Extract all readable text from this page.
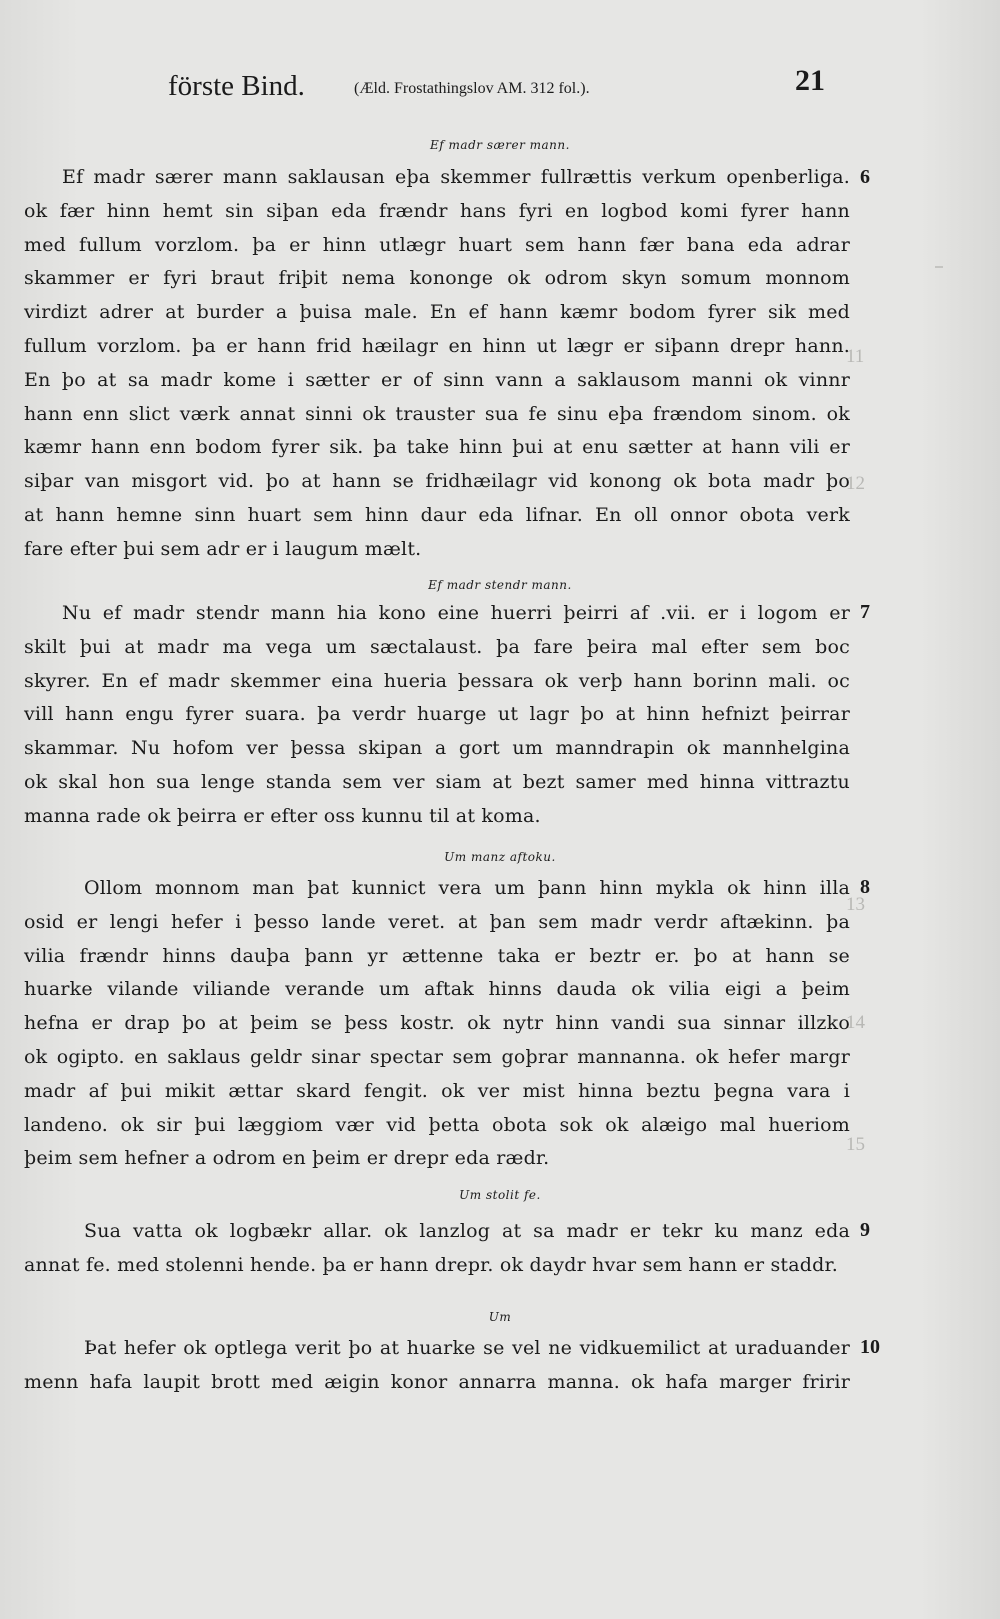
förste Bind.	(Æld. Frostathingslov AM. 312 fol.).	21
11
12
13
14
15
Ef madr særer mann.
6
Ef madr særer mann saklausan eþa skemmer fullrættis verkum openberliga.
ok fær hinn hemt sin siþan eda frændr hans fyri en logbod komi fyrer hann
med fullum vorzlom. þa er hinn utlægr huart sem hann fær bana eda adrar
skammer er fyri braut friþit nema kononge ok odrom skyn somum monnom
virdizt adrer at burder a þuisa male. En ef hann kæmr bodom fyrer sik med
fullum vorzlom. þa er hann frid hæilagr en hinn ut lægr er siþann drepr hann.
En þo at sa madr kome i sætter er of sinn vann a saklausom manni ok vinnr
hann enn slict værk annat sinni ok trauster sua fe sinu eþa frændom sinom. ok
kæmr hann enn bodom fyrer sik. þa take hinn þui at enu sætter at hann vili er
siþar van misgort vid. þo at hann se fridhæilagr vid konong ok bota madr þo
at hann hemne sinn huart sem hinn daur eda lifnar. En oll onnor obota verk
fare efter þui sem adr er i laugum mælt.
Ef madr stendr mann.
7
Nu ef madr stendr mann hia kono eine huerri þeirri af .vii. er i logom er
skilt þui at madr ma vega um sæctalaust. þa fare þeira mal efter sem boc
skyrer. En ef madr skemmer eina hueria þessara ok verþ hann borinn mali. oc
vill hann engu fyrer suara. þa verdr huarge ut lagr þo at hinn hefnizt þeirrar
skammar. Nu hofom ver þessa skipan a gort um manndrapin ok mannhelgina
ok skal hon sua lenge standa sem ver siam at bezt samer med hinna vittraztu
manna rade ok þeirra er efter oss kunnu til at koma.
Um manz aftoku.
8
Ollom monnom man þat kunnict vera um þann hinn mykla ok hinn illa
osid er lengi hefer i þesso lande veret. at þan sem madr verdr aftækinn. þa
vilia frændr hinns dauþa þann yr ættenne taka er beztr er. þo at hann se
huarke vilande viliande verande um aftak hinns dauda ok vilia eigi a þeim
hefna er drap þo at þeim se þess kostr. ok nytr hinn vandi sua sinnar illzko
ok ogipto. en saklaus geldr sinar spectar sem goþrar mannanna. ok hefer margr
madr af þui mikit ættar skard fengit. ok ver mist hinna beztu þegna vara i
landeno. ok sir þui læggiom vær vid þetta obota sok ok alæigo mal hueriom
þeim sem hefner a odrom en þeim er drepr eda rædr.
Um stolit fe.
9
Sua vatta ok logbækr allar. ok lanzlog at sa madr er tekr ku manz eda
annat fe. med stolenni hende. þa er hann drepr. ok daydr hvar sem hann er staddr.
Um
10
Þat hefer ok optlega verit þo at huarke se vel ne vidkuemilict at uraduander
menn hafa laupit brott med æigin konor annarra manna. ok hafa marger fririr
